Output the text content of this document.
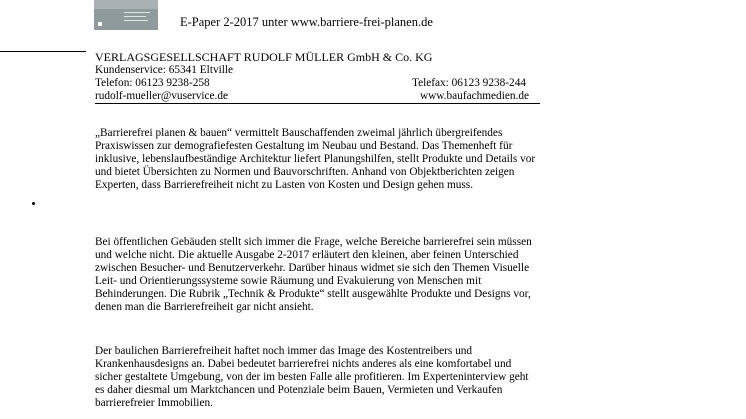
E-Paper 2-2017 unter www.barriere-frei-planen.de
VERLAGSGESELLSCHAFT RUDOLF MÜLLER GmbH & Co. KG
Kundenservice: 65341 Eltville
Telefon: 06123 9238-258	Telefax: 06123 9238-244
rudolf-mueller@vuservice.de	www.baufachmedien.de

„Barrierefrei planen & bauen“ vermittelt Bauschaffenden zweimal jährlich übergreifendes Praxiswissen zur demografiefesten Gestaltung im Neubau und Bestand. Das Themenheft für inklusive, lebenslaufbeständige Architektur liefert Planungshilfen, stellt Produkte und Details vor und bietet Übersichten zu Normen und Bauvorschriften. Anhand von Objektberichten zeigen Experten, dass Barrierefreiheit nicht zu Lasten von Kosten und Design gehen muss.

Bei öffentlichen Gebäuden stellt sich immer die Frage, welche Bereiche barrierefrei sein müssen und welche nicht. Die aktuelle Ausgabe 2-2017 erläutert den kleinen, aber feinen Unterschied zwischen Besucher- und Benutzerverkehr. Darüber hinaus widmet sie sich den Themen Visuelle Leit- und Orientierungssysteme sowie Räumung und Evakuierung von Menschen mit Behinderungen. Die Rubrik „Technik & Produkte“ stellt ausgewählte Produkte und Designs vor, denen man die Barrierefreiheit gar nicht ansieht.

Der baulichen Barrierefreiheit haftet noch immer das Image des Kostentreibers und Krankenhausdesigns an. Dabei bedeutet barrierefrei nichts anderes als eine komfortabel und sicher gestaltete Umgebung, von der im besten Falle alle profitieren. Im Experteninterview geht es daher diesmal um Marktchancen und Potenziale beim Bauen, Vermieten und Verkaufen barrierefreier Immobilien.
